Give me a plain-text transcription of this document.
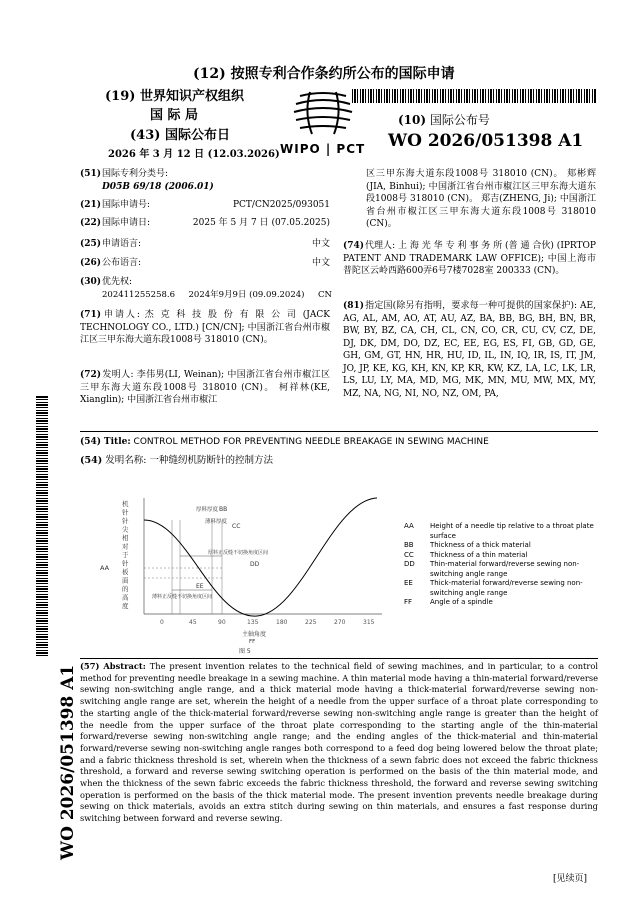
(12) 按照专利合作条约所公布的国际申请
(19) 世界知识产权组织
国 际 局
(43) 国际公布日
2026 年 3 月 12 日 (12.03.2026) WIPO | PCT
(10) 国际公布号
WO 2026/051398 A1
(51)国际专利分类号:
D05B 69/18 (2006.01)
(21)国际申请号:	PCT/CN2025/093051
(22)国际申请日:	2025 年 5 月 7 日 (07.05.2025)
(25)申请语言:	中文
(26)公布语言:	中文
(30)优先权:
202411255258.6     2024年9月9日 (09.09.2024)     CN
(71)申请人: 杰 克 科 技 股 份 有 限 公 司 (JACK TECHNOLOGY CO., LTD.) [CN/CN]; 中国浙江省台州市椒江区三甲东海大道东段1008号 318010 (CN)。
(72)发明人: 李伟男(LI, Weinan); 中国浙江省台州市椒江区三甲东海大道东段1008号 318010 (CN)。 柯祥林(KE, Xianglin); 中国浙江省台州市椒江
区三甲东海大道东段1008号 318010 (CN)。 郏彬辉(JIA, Binhui); 中国浙江省台州市椒江区三甲东海大道东段1008号 318010 (CN)。 郑吉(ZHENG, Ji); 中国浙江省台州市椒江区三甲东海大道东段1008号 318010 (CN)。
(74)代理人: 上 海 光 华 专 利 事 务 所 (普 通 合伙) (IPRTOP PATENT AND TRADEMARK LAW OFFICE); 中国上海市普陀区云岭西路600弄6号7楼7028室 200333 (CN)。
(81)指定国(除另有指明，要求每一种可提供的国家保护): AE, AG, AL, AM, AO, AT, AU, AZ, BA, BB, BG, BH, BN, BR, BW, BY, BZ, CA, CH, CL, CN, CO, CR, CU, CV, CZ, DE, DJ, DK, DM, DO, DZ, EC, EE, EG, ES, FI, GB, GD, GE, GH, GM, GT, HN, HR, HU, ID, IL, IN, IQ, IR, IS, IT, JM, JO, JP, KE, KG, KH, KN, KP, KR, KW, KZ, LA, LC, LK, LR, LS, LU, LY, MA, MD, MG, MK, MN, MU, MW, MX, MY, MZ, NA, NG, NI, NO, NZ, OM, PA,
WO 2026/051398 A1
(54) Title: CONTROL METHOD FOR PREVENTING NEEDLE BREAKAGE IN SEWING MACHINE
(54) 发明名称: 一种缝纫机防断针的控制方法
AA
厚料厚度 BB
薄料厚度
CC
厚料正反缝不切换角度区间
DD
EE
薄料正反缝不切换角度区间
0	45	90	135	180	225	270	315
主轴角度
FF
图 5
机
针
针
尖
相
对
于
针
板
面
的
高
度
AA	Height of a needle tip relative to a throat plate surface
BB	Thickness of a thick material
CC	Thickness of a thin material
DD	Thin-material forward/reverse sewing non-switching angle range
EE	Thick-material forward/reverse sewing non-switching angle range
FF	Angle of a spindle
(57) Abstract: The present invention relates to the technical field of sewing machines, and in particular, to a control method for preventing needle breakage in a sewing machine. A thin material mode having a thin-material forward/reverse sewing non-switching angle range, and a thick material mode having a thick-material forward/reverse sewing non-switching angle range are set, wherein the height of a needle from the upper surface of a throat plate corresponding to the starting angle of the thick-material forward/reverse sewing non-switching angle range is greater than the height of the needle from the upper surface of the throat plate corresponding to the starting angle of the thin-material forward/reverse sewing non-switching angle range; and the ending angles of the thick-material and thin-material forward/reverse sewing non-switching angle ranges both correspond to a feed dog being lowered below the throat plate; and a fabric thickness threshold is set, wherein when the thickness of a sewn fabric does not exceed the fabric thickness threshold, a forward and reverse sewing switching operation is performed on the basis of the thin material mode, and when the thickness of the sewn fabric exceeds the fabric thickness threshold, the forward and reverse sewing switching operation is performed on the basis of the thick material mode. The present invention prevents needle breakage during sewing on thick materials, avoids an extra stitch during sewing on thin materials, and ensures a fast response during switching between forward and reverse sewing.
[见续页]
